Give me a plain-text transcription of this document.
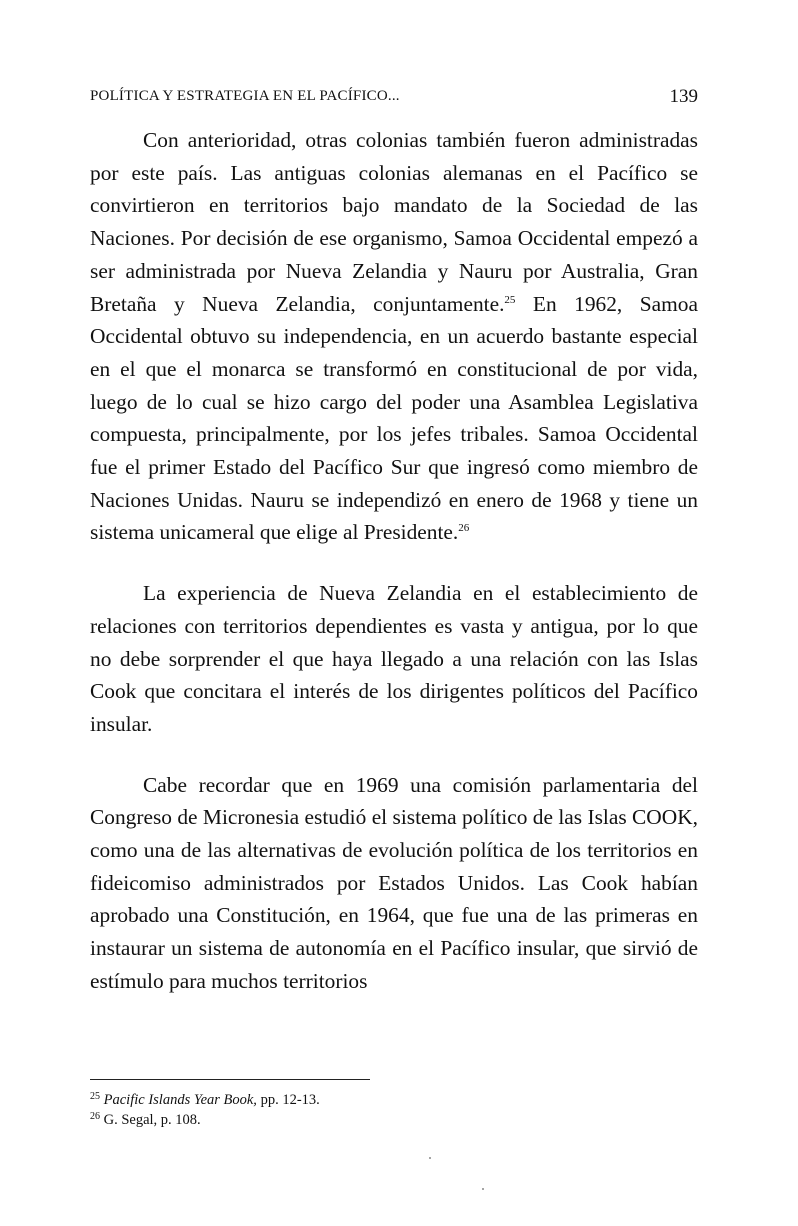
POLÍTICA Y ESTRATEGIA EN EL PACÍFICO...	139

Con anterioridad, otras colonias también fueron administradas por este país. Las antiguas colonias alemanas en el Pacífico se convirtieron en territorios bajo mandato de la Sociedad de las Naciones. Por decisión de ese organismo, Samoa Occidental empezó a ser administrada por Nueva Zelandia y Nauru por Australia, Gran Bretaña y Nueva Zelandia, conjuntamente.$^{25}$ En 1962, Samoa Occidental obtuvo su independencia, en un acuerdo bastante especial en el que el monarca se transformó en constitucional de por vida, luego de lo cual se hizo cargo del poder una Asamblea Legislativa compuesta, principalmente, por los jefes tribales. Samoa Occidental fue el primer Estado del Pacífico Sur que ingresó como miembro de Naciones Unidas. Nauru se independizó en enero de 1968 y tiene un sistema unicameral que elige al Presidente.$^{26}$

La experiencia de Nueva Zelandia en el establecimiento de relaciones con territorios dependientes es vasta y antigua, por lo que no debe sorprender el que haya llegado a una relación con las Islas Cook que concitara el interés de los dirigentes políticos del Pacífico insular.

Cabe recordar que en 1969 una comisión parlamentaria del Congreso de Micronesia estudió el sistema político de las Islas COOK, como una de las alternativas de evolución política de los territorios en fideicomiso administrados por Estados Unidos. Las Cook habían aprobado una Constitución, en 1964, que fue una de las primeras en instaurar un sistema de autonomía en el Pacífico insular, que sirvió de estímulo para muchos territorios

$^{25}$ Pacific Islands Year Book, pp. 12-13.

$^{26}$ G. Segal, p. 108.
